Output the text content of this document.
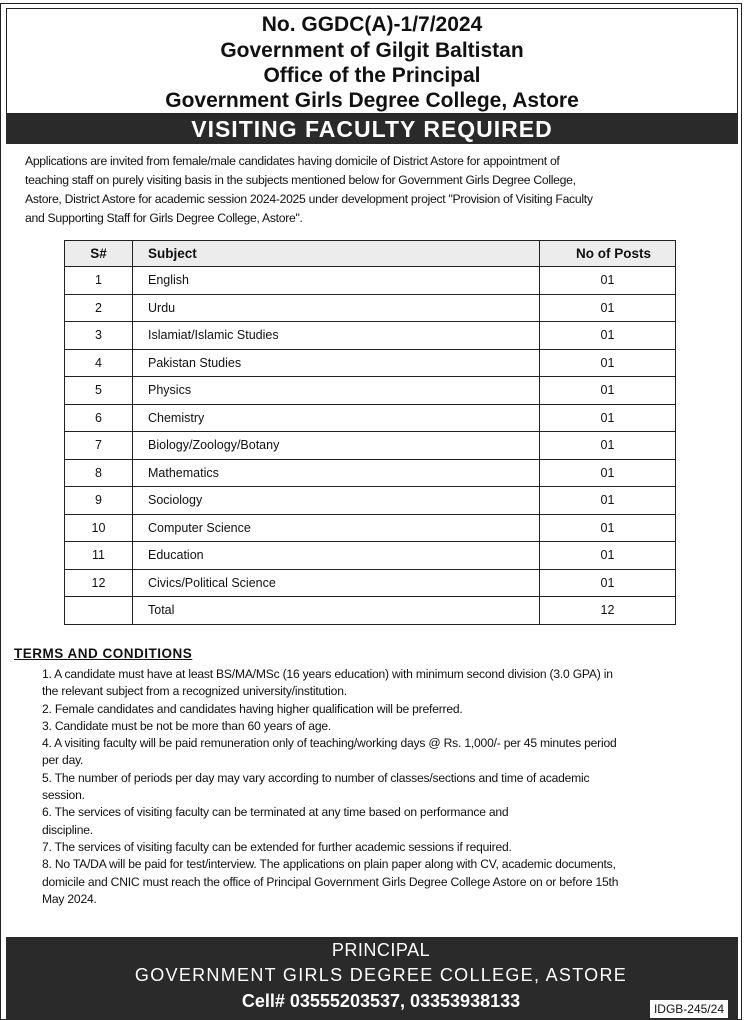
No. GGDC(A)-1/7/2024
Government of Gilgit Baltistan
Office of the Principal
Government Girls Degree College, Astore
VISITING FACULTY REQUIRED
Applications are invited from female/male candidates having domicile of District Astore for appointment of
teaching staff on purely visiting basis in the subjects mentioned below for Government Girls Degree College,
Astore, District Astore for academic session 2024-2025 under development project "Provision of Visiting Faculty
and Supporting Staff for Girls Degree College, Astore".
S#	Subject	No of Posts
1	English	01
2	Urdu	01
3	Islamiat/Islamic Studies	01
4	Pakistan Studies	01
5	Physics	01
6	Chemistry	01
7	Biology/Zoology/Botany	01
8	Mathematics	01
9	Sociology	01
10	Computer Science	01
11	Education	01
12	Civics/Political Science	01
	Total	12
TERMS AND CONDITIONS

1. A candidate must have at least BS/MA/MSc (16 years education) with minimum second division (3.0 GPA) in

the relevant subject from a recognized university/institution.

2. Female candidates and candidates having higher qualification will be preferred.

3. Candidate must be not be more than 60 years of age.

4. A visiting faculty will be paid remuneration only of teaching/working days @ Rs. 1,000/- per 45 minutes period

per day.

5. The number of periods per day may vary according to number of classes/sections and time of academic

session.

6. The services of visiting faculty can be terminated at any time based on performance and

discipline.

7. The services of visiting faculty can be extended for further academic sessions if required.

8. No TA/DA will be paid for test/interview. The applications on plain paper along with CV, academic documents,

domicile and CNIC must reach the office of Principal Government Girls Degree College Astore on or before 15th

May 2024.

PRINCIPAL
GOVERNMENT GIRLS DEGREE COLLEGE, ASTORE
Cell# 03555203537, 03353938133	IDGB-245/24
